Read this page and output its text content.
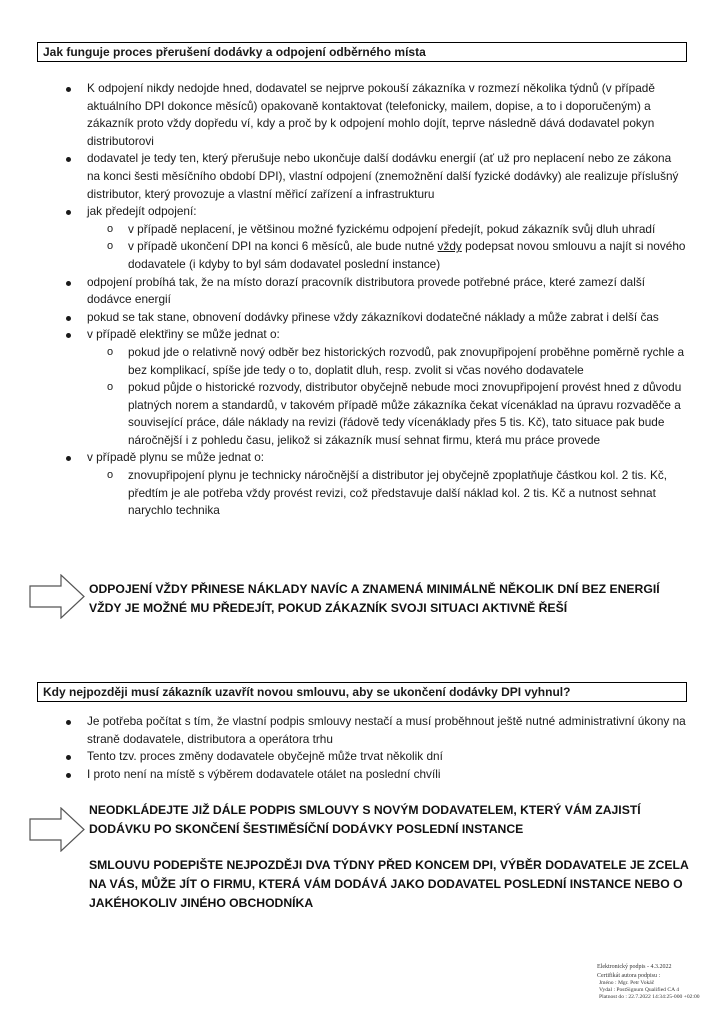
Jak funguje proces přerušení dodávky a odpojení odběrného místa
K odpojení nikdy nedojde hned, dodavatel se nejprve pokouší zákazníka v rozmezí několika týdnů (v případě aktuálního DPI dokonce měsíců) opakovaně kontaktovat (telefonicky, mailem, dopise, a to i doporučeným) a zákazník proto vždy dopředu ví, kdy a proč by k odpojení mohlo dojít, teprve následně dává dodavatel pokyn distributorovi
dodavatel je tedy ten, který přerušuje nebo ukončuje další dodávku energií (ať už pro neplacení nebo ze zákona na konci šesti měsíčního období DPI), vlastní odpojení (znemožnění další fyzické dodávky) ale realizuje příslušný distributor, který provozuje a vlastní měřicí zařízení a infrastrukturu
jak předejít odpojení:
o v případě neplacení, je většinou možné fyzickému odpojení předejít, pokud zákazník svůj dluh uhradí
o v případě ukončení DPI na konci 6 měsíců, ale bude nutné vždy podepsat novou smlouvu a najít si nového dodavatele (i kdyby to byl sám dodavatel poslední instance)
odpojení probíhá tak, že na místo dorazí pracovník distributora provede potřebné práce, které zamezí další dodávce energií
pokud se tak stane, obnovení dodávky přinese vždy zákazníkovi dodatečné náklady a může zabrat i delší čas
v případě elektřiny se může jednat o:
o pokud jde o relativně nový odběr bez historických rozvodů, pak znovupřipojení proběhne poměrně rychle a bez komplikací, spíše jde tedy o to, doplatit dluh, resp. zvolit si včas nového dodavatele
o pokud půjde o historické rozvody, distributor obyčejně nebude moci znovupřipojení provést hned z důvodu platných norem a standardů, v takovém případě může zákazníka čekat vícenáklad na úpravu rozvaděče a související práce, dále náklady na revizi (řádově tedy vícenáklady přes 5 tis. Kč), tato situace pak bude náročnější i z pohledu času, jelikož si zákazník musí sehnat firmu, která mu práce provede
v případě plynu se může jednat o:
o znovupřipojení plynu je technicky náročnější a distributor jej obyčejně zpoplatňuje částkou kol. 2 tis. Kč, předtím je ale potřeba vždy provést revizi, což představuje další náklad kol. 2 tis. Kč a nutnost sehnat narychlo technika
ODPOJENÍ VŽDY PŘINESE NÁKLADY NAVÍC A ZNAMENÁ MINIMÁLNĚ NĚKOLIK DNÍ BEZ ENERGIÍ
VŽDY JE MOŽNÉ MU PŘEDEJÍT, POKUD ZÁKAZNÍK SVOJI SITUACI AKTIVNĚ ŘEŠÍ
Kdy nejpozději musí zákazník uzavřít novou smlouvu, aby se ukončení dodávky DPI vyhnul?
Je potřeba počítat s tím, že vlastní podpis smlouvy nestačí a musí proběhnout ještě nutné administrativní úkony na straně dodavatele, distributora a operátora trhu
Tento tzv. proces změny dodavatele obyčejně může trvat několik dní
I proto není na místě s výběrem dodavatele otálet na poslední chvíli
NEODKLÁDEJTE JIŽ DÁLE PODPIS SMLOUVY S NOVÝM DODAVATELEM, KTERÝ VÁM ZAJISTÍ DODÁVKU PO SKONČENÍ ŠESTIMĚSÍČNÍ DODÁVKY POSLEDNÍ INSTANCE
SMLOUVU PODEPIŠTE NEJPOZDĚJI DVA TÝDNY PŘED KONCEM DPI, VÝBĚR DODAVATELE JE ZCELA NA VÁS, MŮŽE JÍT O FIRMU, KTERÁ VÁM DODÁVÁ JAKO DODAVATEL POSLEDNÍ INSTANCE NEBO O JAKÉHOKOLIV JINÉHO OBCHODNÍKA
Elektronický podpis - 4.3.2022
Certifikát autora podpisu :
Jméno : Mgr. Petr Vokáč
Vydal : PostSignum Qualified CA 4
Platnost do : 22.7.2022 14:34:25-000 +02:00
